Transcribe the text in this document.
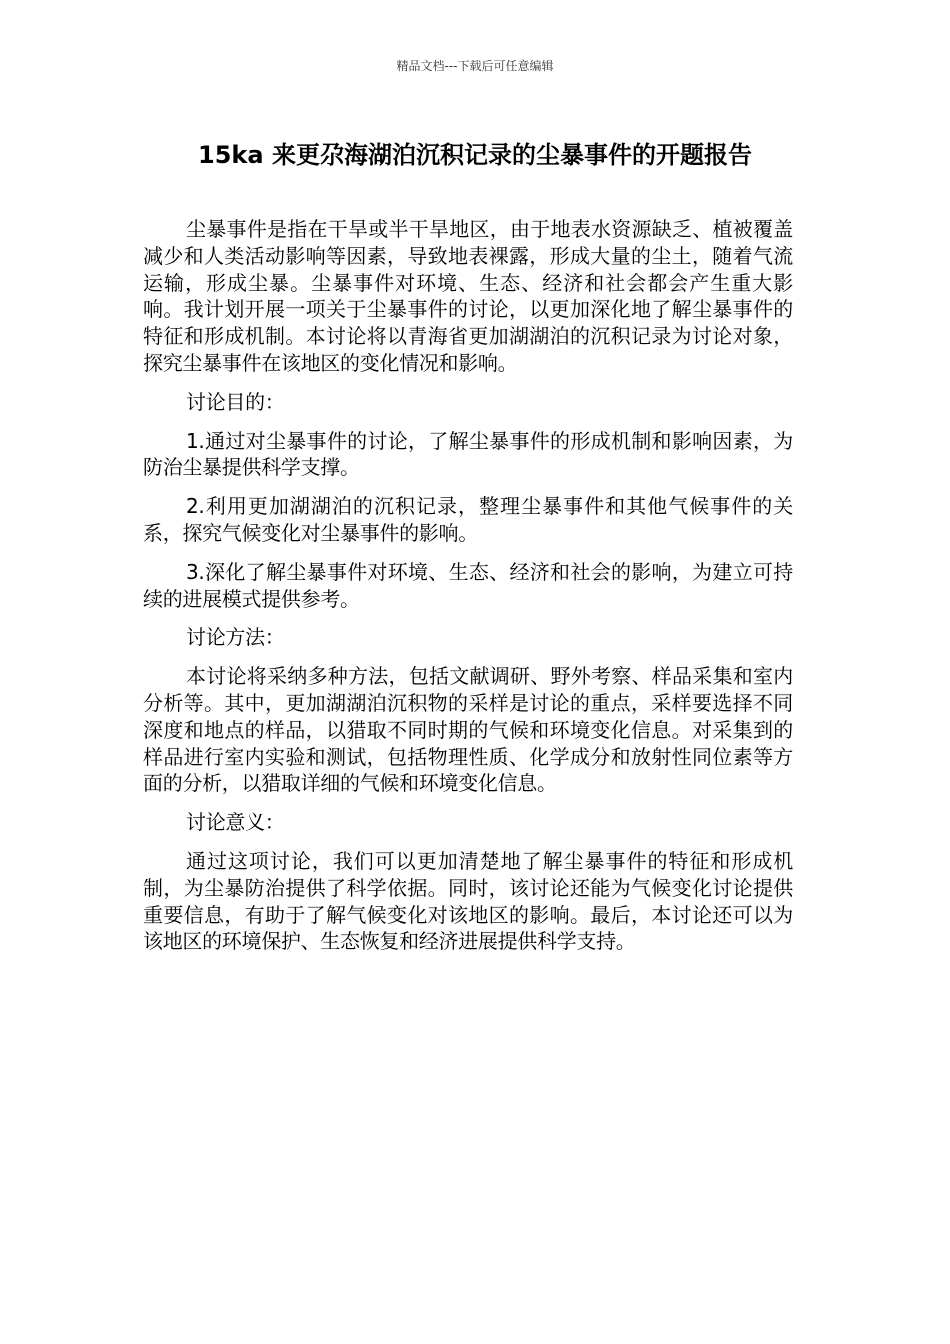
精品文档---下载后可任意编辑
15ka 来更尕海湖泊沉积记录的尘暴事件的开题报告

尘暴事件是指在干旱或半干旱地区，由于地表水资源缺乏、植被覆盖减少和人类活动影响等因素，导致地表裸露，形成大量的尘土，随着气流运输，形成尘暴。尘暴事件对环境、生态、经济和社会都会产生重大影响。我计划开展一项关于尘暴事件的讨论，以更加深化地了解尘暴事件的特征和形成机制。本讨论将以青海省更加湖湖泊的沉积记录为讨论对象，探究尘暴事件在该地区的变化情况和影响。

讨论目的：

1.通过对尘暴事件的讨论，了解尘暴事件的形成机制和影响因素，为防治尘暴提供科学支撑。

2.利用更加湖湖泊的沉积记录，整理尘暴事件和其他气候事件的关系，探究气候变化对尘暴事件的影响。

3.深化了解尘暴事件对环境、生态、经济和社会的影响，为建立可持续的进展模式提供参考。

讨论方法：

本讨论将采纳多种方法，包括文献调研、野外考察、样品采集和室内分析等。其中，更加湖湖泊沉积物的采样是讨论的重点，采样要选择不同深度和地点的样品，以猎取不同时期的气候和环境变化信息。对采集到的样品进行室内实验和测试，包括物理性质、化学成分和放射性同位素等方面的分析，以猎取详细的气候和环境变化信息。

讨论意义：

通过这项讨论，我们可以更加清楚地了解尘暴事件的特征和形成机制，为尘暴防治提供了科学依据。同时，该讨论还能为气候变化讨论提供重要信息，有助于了解气候变化对该地区的影响。最后，本讨论还可以为该地区的环境保护、生态恢复和经济进展提供科学支持。
